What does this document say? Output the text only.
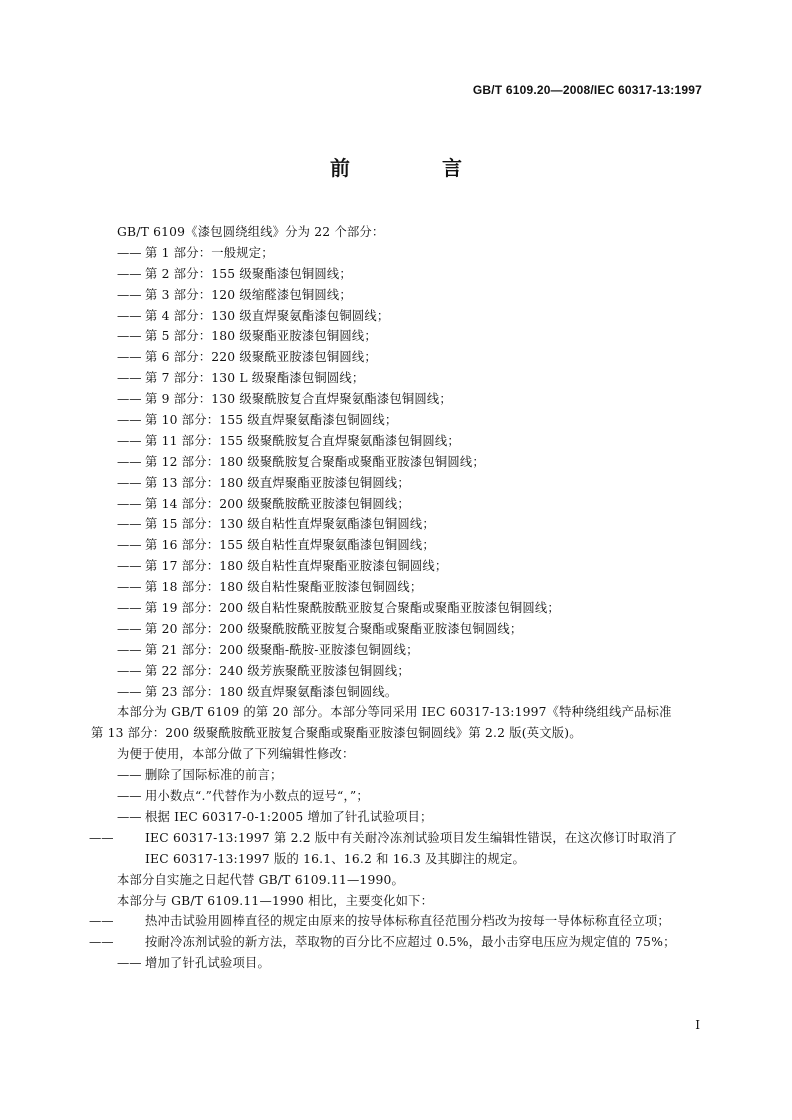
GB/T 6109.20—2008/IEC 60317-13:1997
前　言
GB/T 6109《漆包圆绕组线》分为 22 个部分：
—— 第 1 部分：一般规定；
—— 第 2 部分：155 级聚酯漆包铜圆线；
—— 第 3 部分：120 级缩醛漆包铜圆线；
—— 第 4 部分：130 级直焊聚氨酯漆包铜圆线；
—— 第 5 部分：180 级聚酯亚胺漆包铜圆线；
—— 第 6 部分：220 级聚酰亚胺漆包铜圆线；
—— 第 7 部分：130 L 级聚酯漆包铜圆线；
—— 第 9 部分：130 级聚酰胺复合直焊聚氨酯漆包铜圆线；
—— 第 10 部分：155 级直焊聚氨酯漆包铜圆线；
—— 第 11 部分：155 级聚酰胺复合直焊聚氨酯漆包铜圆线；
—— 第 12 部分：180 级聚酰胺复合聚酯或聚酯亚胺漆包铜圆线；
—— 第 13 部分：180 级直焊聚酯亚胺漆包铜圆线；
—— 第 14 部分：200 级聚酰胺酰亚胺漆包铜圆线；
—— 第 15 部分：130 级自粘性直焊聚氨酯漆包铜圆线；
—— 第 16 部分：155 级自粘性直焊聚氨酯漆包铜圆线；
—— 第 17 部分：180 级自粘性直焊聚酯亚胺漆包铜圆线；
—— 第 18 部分：180 级自粘性聚酯亚胺漆包铜圆线；
—— 第 19 部分：200 级自粘性聚酰胺酰亚胺复合聚酯或聚酯亚胺漆包铜圆线；
—— 第 20 部分：200 级聚酰胺酰亚胺复合聚酯或聚酯亚胺漆包铜圆线；
—— 第 21 部分：200 级聚酯-酰胺-亚胺漆包铜圆线；
—— 第 22 部分：240 级芳族聚酰亚胺漆包铜圆线；
—— 第 23 部分：180 级直焊聚氨酯漆包铜圆线。
本部分为 GB/T 6109 的第 20 部分。本部分等同采用 IEC 60317-13:1997《特种绕组线产品标准
第 13 部分：200 级聚酰胺酰亚胺复合聚酯或聚酯亚胺漆包铜圆线》第 2.2 版(英文版)。
为便于使用，本部分做了下列编辑性修改：
—— 删除了国际标准的前言；
—— 用小数点“.”代替作为小数点的逗号“，”；
—— 根据 IEC 60317-0-1:2005 增加了针孔试验项目；
——	IEC 60317-13:1997 第 2.2 版中有关耐冷冻剂试验项目发生编辑性错误，在这次修订时取消了 IEC 60317-13:1997 版的 16.1、16.2 和 16.3 及其脚注的规定。
本部分自实施之日起代替 GB/T 6109.11—1990。
本部分与 GB/T 6109.11—1990 相比，主要变化如下：
——	热冲击试验用圆棒直径的规定由原来的按导体标称直径范围分档改为按每一导体标称直径立项；
——	按耐冷冻剂试验的新方法，萃取物的百分比不应超过 0.5%，最小击穿电压应为规定值的 75%；
—— 增加了针孔试验项目。
I
